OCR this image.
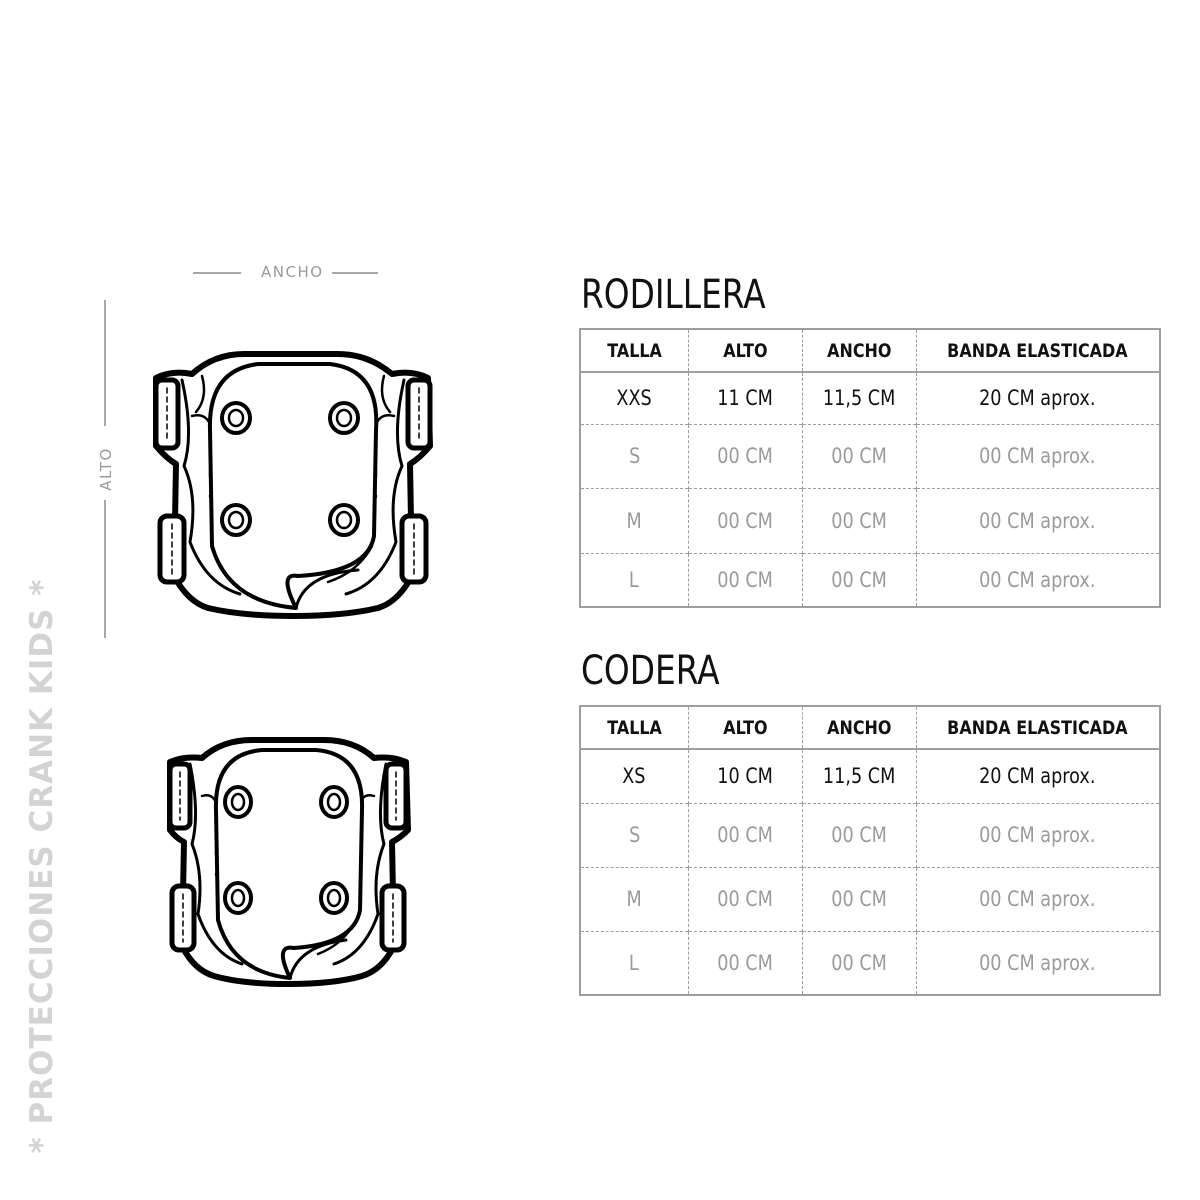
* PROTECCIONES CRANK KIDS *
ANCHO
ALTO
RODILLERA
TALLA	ALTO	ANCHO	BANDA ELASTICADA
XXS	11 CM	11,5 CM	20 CM aprox.
S	00 CM	00 CM	00 CM aprox.
M	00 CM	00 CM	00 CM aprox.
L	00 CM	00 CM	00 CM aprox.
CODERA
TALLA	ALTO	ANCHO	BANDA ELASTICADA
XS	10 CM	11,5 CM	20 CM aprox.
S	00 CM	00 CM	00 CM aprox.
M	00 CM	00 CM	00 CM aprox.
L	00 CM	00 CM	00 CM aprox.
